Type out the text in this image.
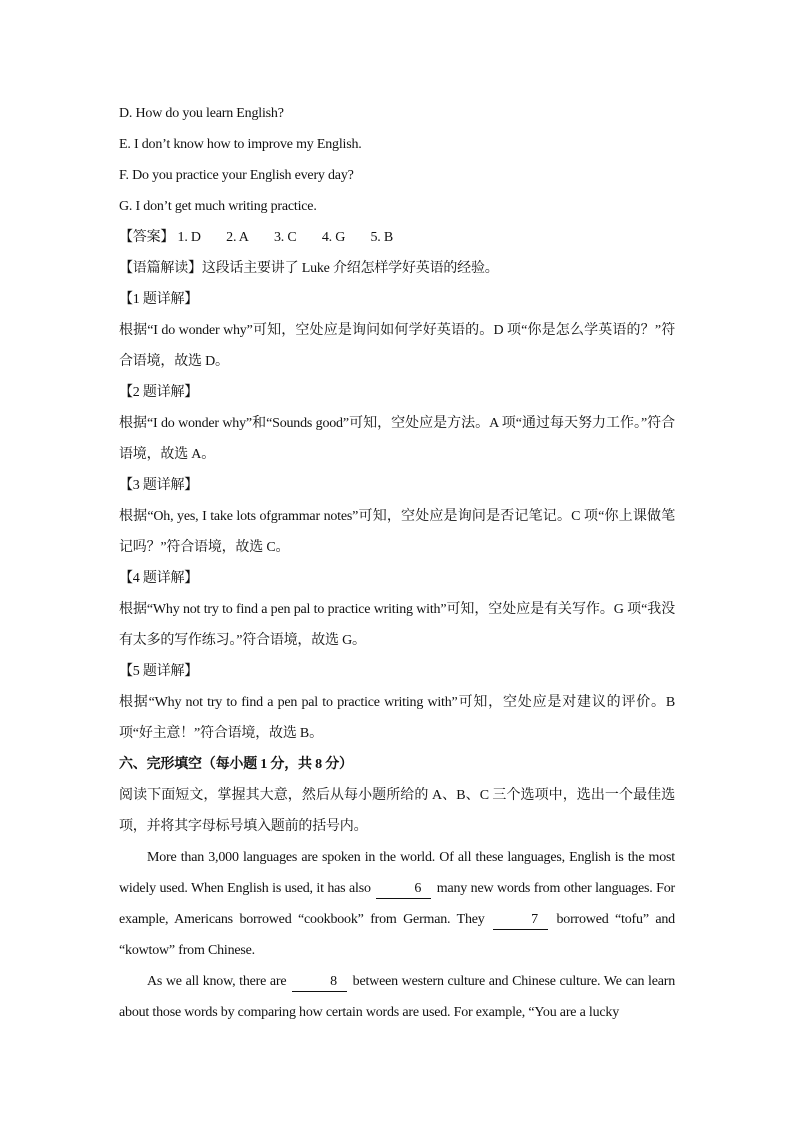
D. How do you learn English?
E. I don’t know how to improve my English.
F. Do you practice your English every day?
G. I don’t get much writing practice.
【答案】 1. D 2. A 3. C 4. G 5. B
【语篇解读】这段话主要讲了 Luke 介绍怎样学好英语的经验。
【1 题详解】
根据“I do wonder why”可知，空处应是询问如何学好英语的。D 项“你是怎么学英语的？”符合语境，故选 D。
【2 题详解】
根据“I do wonder why”和“Sounds good”可知，空处应是方法。A 项“通过每天努力工作。”符合语境，故选 A。
【3 题详解】
根据“Oh, yes, I take lots ofgrammar notes”可知，空处应是询问是否记笔记。C 项“你上课做笔记吗？”符合语境，故选 C。
【4 题详解】
根据“Why not try to find a pen pal to practice writing with”可知，空处应是有关写作。G 项“我没有太多的写作练习。”符合语境，故选 G。
【5 题详解】
根据“Why not try to find a pen pal to practice writing with”可知，空处应是对建议的评价。B 项“好主意！”符合语境，故选 B。
六、完形填空（每小题 1 分，共 8 分）
阅读下面短文，掌握其大意，然后从每小题所给的 A、B、C 三个选项中，选出一个最佳选项，并将其字母标号填入题前的括号内。
More than 3,000 languages are spoken in the world. Of all these languages, English is the most widely used. When English is used, it has also	6 many new words from other languages. For example, Americans borrowed “cookbook” from German. They	7 borrowed “tofu” and “kowtow” from Chinese.
As we all know, there are	8 between western culture and Chinese culture. We can learn about those words by comparing how certain words are used. For example, “You are a lucky
